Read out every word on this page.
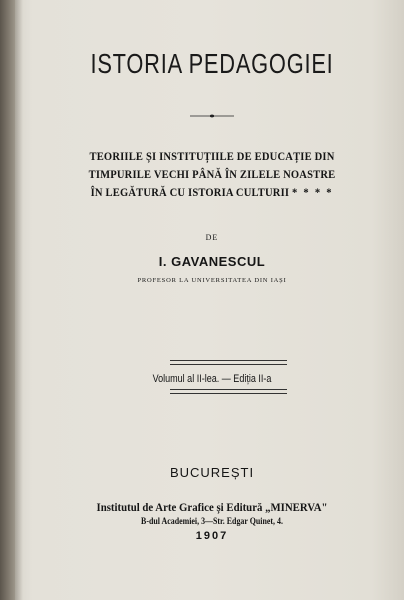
ISTORIA PEDAGOGIEI
TEORIILE ȘI INSTITUȚIILE DE EDUCAȚIE DIN
TIMPURILE VECHI PÂNĂ ÎN ZILELE NOASTRE
ÎN LEGĂTURĂ CU ISTORIA CULTURII * * * *
DE
I. GAVANESCUL
PROFESOR LA UNIVERSITATEA DIN IAȘI
Volumul al II-lea. — Ediția II-a
BUCUREȘTI
Institutul de Arte Grafice și Editură „MINERVA"
B-dul Academiei, 3—Str. Edgar Quinet, 4.
1907
